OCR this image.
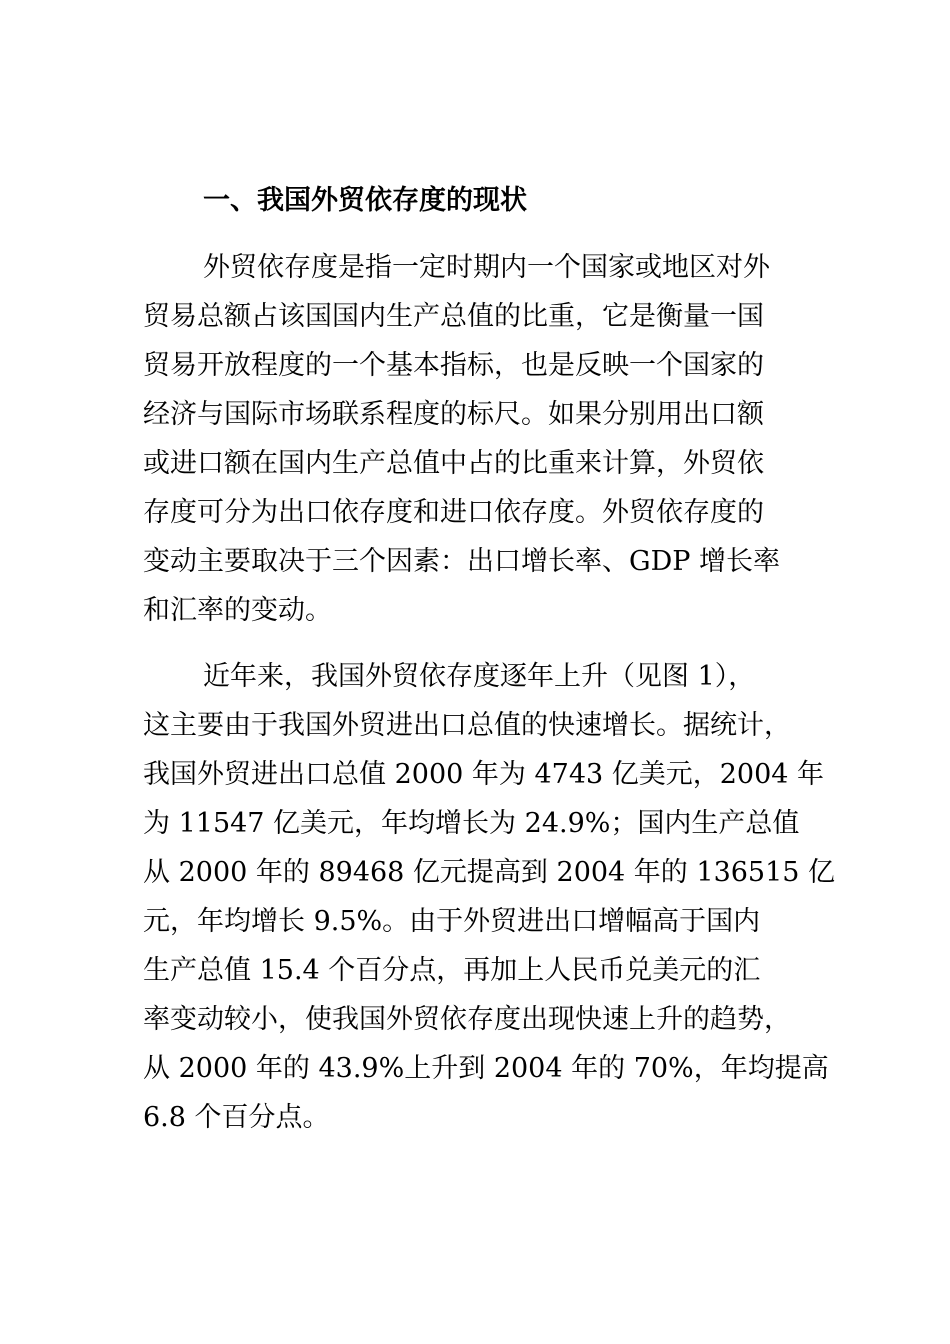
一、我国外贸依存度的现状
外贸依存度是指一定时期内一个国家或地区对外
贸易总额占该国国内生产总值的比重，它是衡量一国
贸易开放程度的一个基本指标，也是反映一个国家的
经济与国际市场联系程度的标尺。如果分别用出口额
或进口额在国内生产总值中占的比重来计算，外贸依
存度可分为出口依存度和进口依存度。外贸依存度的
变动主要取决于三个因素：出口增长率、GDP 增长率
和汇率的变动。
近年来，我国外贸依存度逐年上升（见图 1），
这主要由于我国外贸进出口总值的快速增长。据统计，
我国外贸进出口总值 2000 年为 4743 亿美元，2004 年
为 11547 亿美元，年均增长为 24.9%；国内生产总值
从 2000 年的 89468 亿元提高到 2004 年的 136515 亿
元，年均增长 9.5%。由于外贸进出口增幅高于国内
生产总值 15.4 个百分点，再加上人民币兑美元的汇
率变动较小，使我国外贸依存度出现快速上升的趋势，
从 2000 年的 43.9%上升到 2004 年的 70%，年均提高
6.8 个百分点。
